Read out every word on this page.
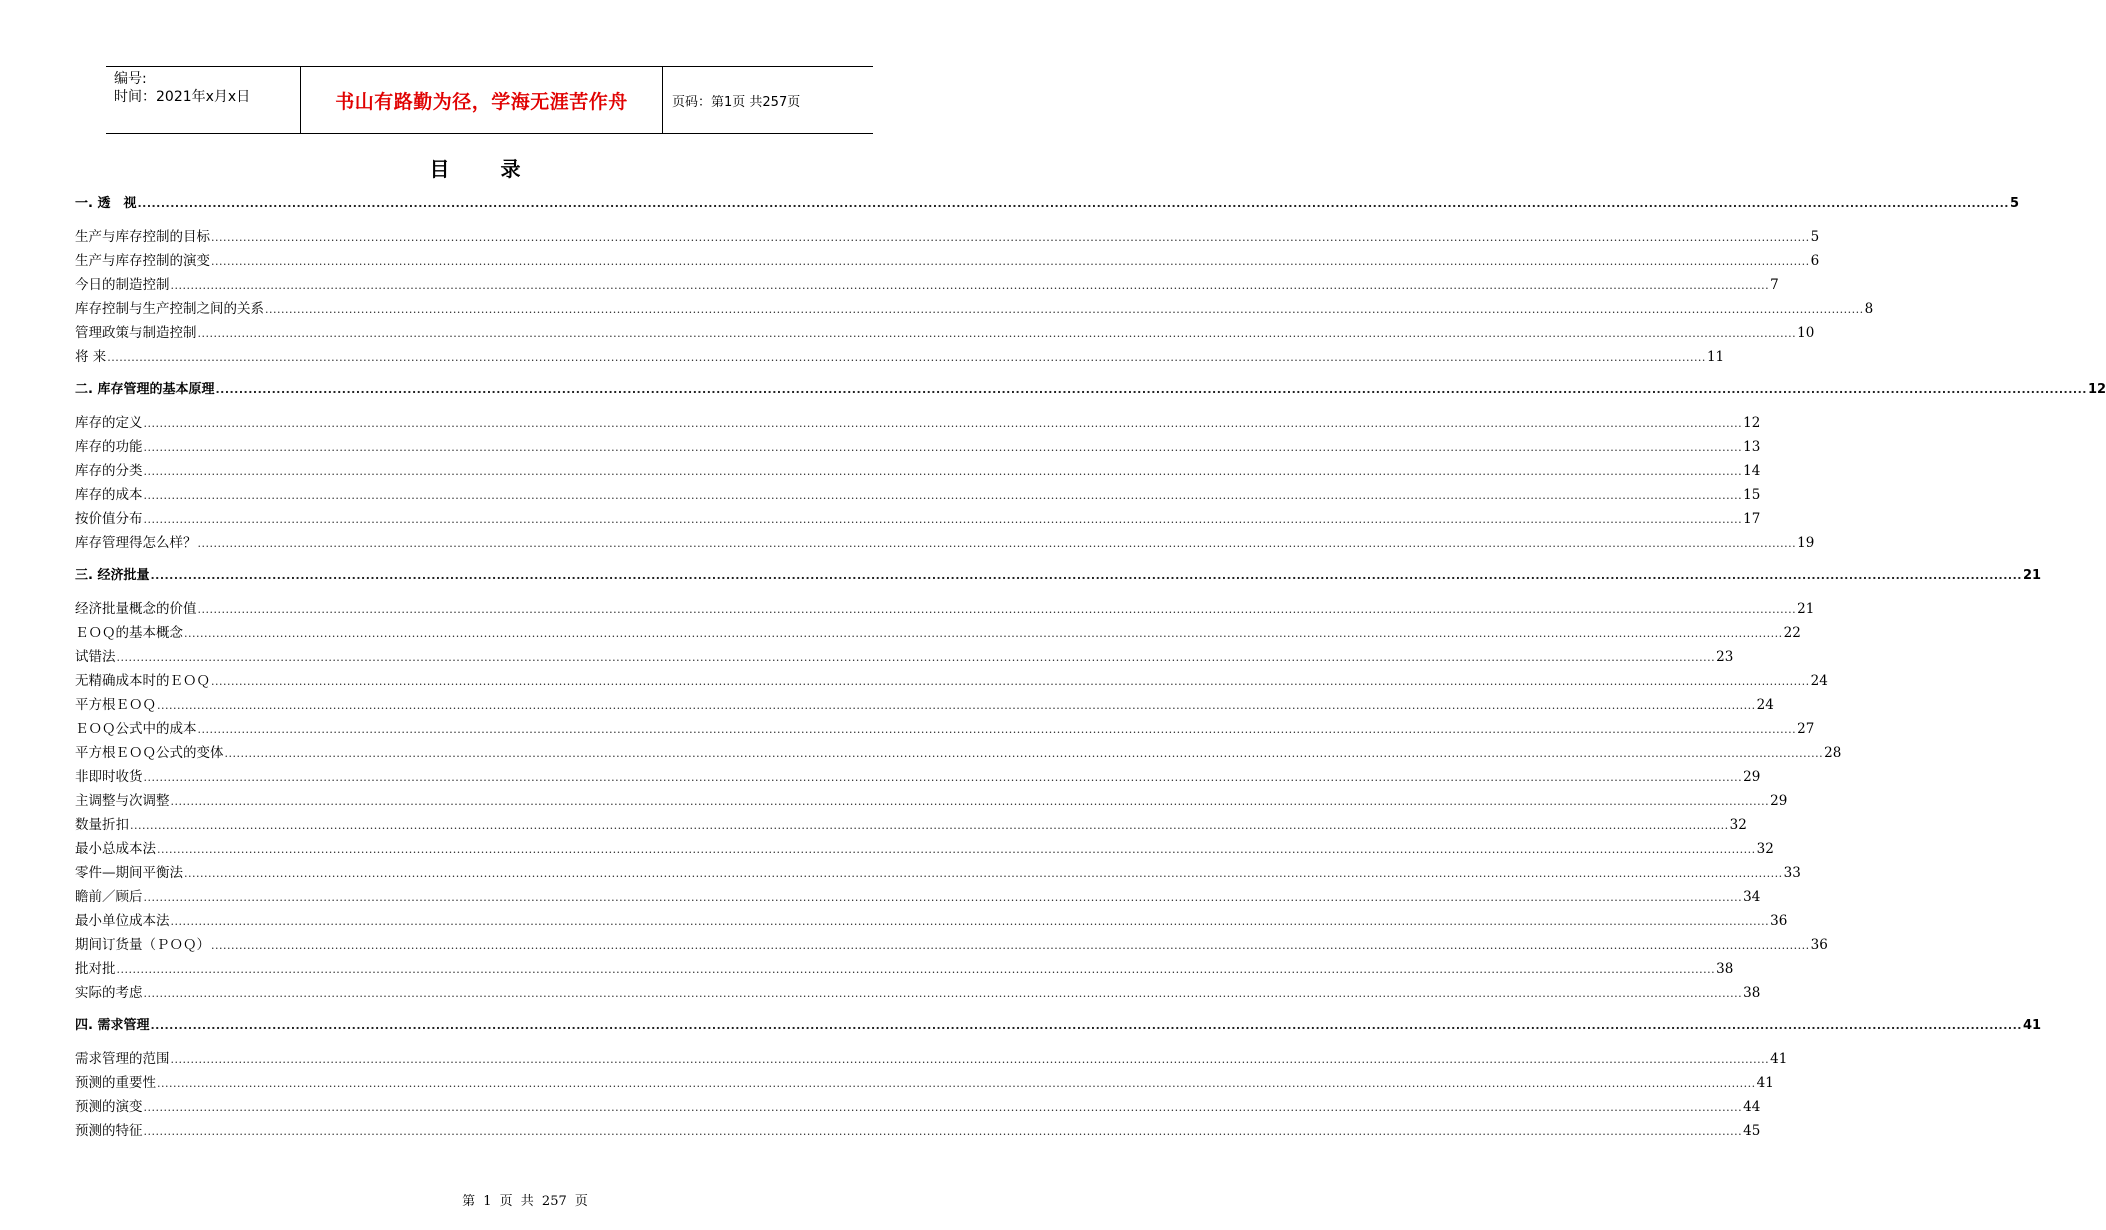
编号:
时间：2021年x月x日	书山有路勤为径，学海无涯苦作舟	页码：第1页 共257页
目 录
一. 透　视 ................................................................................................................................................................................................................................................................................................................................................................................................................ 5
生产与库存控制的目标 ................................................................................................................................................................................................................................................................................................................................................................................................................ 5
生产与库存控制的演变 ................................................................................................................................................................................................................................................................................................................................................................................................................ 6
今日的制造控制 ................................................................................................................................................................................................................................................................................................................................................................................................................ 7
库存控制与生产控制之间的关系 ................................................................................................................................................................................................................................................................................................................................................................................................................ 8
管理政策与制造控制 ................................................................................................................................................................................................................................................................................................................................................................................................................ 10
将 来 ................................................................................................................................................................................................................................................................................................................................................................................................................ 11
二. 库存管理的基本原理 ................................................................................................................................................................................................................................................................................................................................................................................................................ 12
库存的定义 ................................................................................................................................................................................................................................................................................................................................................................................................................ 12
库存的功能 ................................................................................................................................................................................................................................................................................................................................................................................................................ 13
库存的分类 ................................................................................................................................................................................................................................................................................................................................................................................................................ 14
库存的成本 ................................................................................................................................................................................................................................................................................................................................................................................................................ 15
按价值分布 ................................................................................................................................................................................................................................................................................................................................................................................................................ 17
库存管理得怎么样？ ................................................................................................................................................................................................................................................................................................................................................................................................................ 19
三. 经济批量 ................................................................................................................................................................................................................................................................................................................................................................................................................ 21
经济批量概念的价值 ................................................................................................................................................................................................................................................................................................................................................................................................................ 21
ＥＯＱ的基本概念 ................................................................................................................................................................................................................................................................................................................................................................................................................ 22
试错法 ................................................................................................................................................................................................................................................................................................................................................................................................................ 23
无精确成本时的ＥＯＱ ................................................................................................................................................................................................................................................................................................................................................................................................................ 24
平方根ＥＯＱ ................................................................................................................................................................................................................................................................................................................................................................................................................ 24
ＥＯＱ公式中的成本 ................................................................................................................................................................................................................................................................................................................................................................................................................ 27
平方根ＥＯＱ公式的变体 ................................................................................................................................................................................................................................................................................................................................................................................................................ 28
非即时收货 ................................................................................................................................................................................................................................................................................................................................................................................................................ 29
主调整与次调整 ................................................................................................................................................................................................................................................................................................................................................................................................................ 29
数量折扣 ................................................................................................................................................................................................................................................................................................................................................................................................................ 32
最小总成本法 ................................................................................................................................................................................................................................................................................................................................................................................................................ 32
零件—期间平衡法 ................................................................................................................................................................................................................................................................................................................................................................................................................ 33
瞻前／顾后 ................................................................................................................................................................................................................................................................................................................................................................................................................ 34
最小单位成本法 ................................................................................................................................................................................................................................................................................................................................................................................................................ 36
期间订货量（ＰＯＱ） ................................................................................................................................................................................................................................................................................................................................................................................................................ 36
批对批 ................................................................................................................................................................................................................................................................................................................................................................................................................ 38
实际的考虑 ................................................................................................................................................................................................................................................................................................................................................................................................................ 38
四. 需求管理 ................................................................................................................................................................................................................................................................................................................................................................................................................ 41
需求管理的范围 ................................................................................................................................................................................................................................................................................................................................................................................................................ 41
预测的重要性 ................................................................................................................................................................................................................................................................................................................................................................................................................ 41
预测的演变 ................................................................................................................................................................................................................................................................................................................................................................................................................ 44
预测的特征 ................................................................................................................................................................................................................................................................................................................................................................................................................ 45
第 1 页 共 257 页
